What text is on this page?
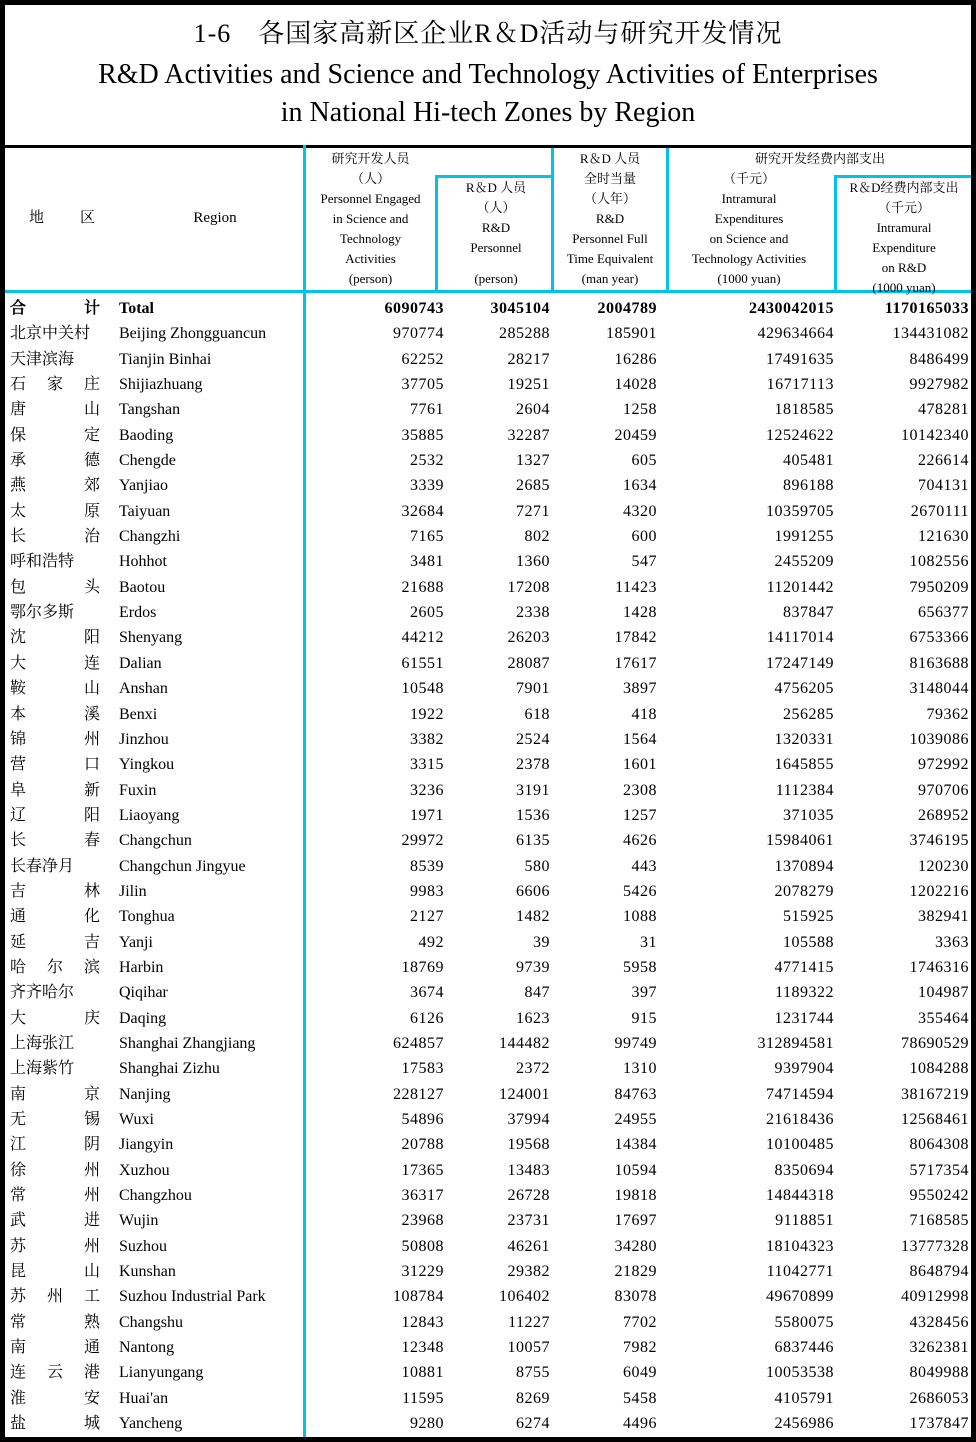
1-6　各国家高新区企业R＆D活动与研究开发情况
R&D Activities and Science and Technology Activities of Enterprises
in National Hi-tech Zones by Region
地区	Region
研究开发人员
（人）
Personnel Engaged
in Science and
Technology
Activities
(person)
R＆D 人员
（人）
R&D
Personnel
(person)
R＆D 人员
全时当量
（人年）
R&D
Personnel Full
Time Equivalent
(man year)
研究开发经费内部支出
（千元）
Intramural
Expenditures
on Science and
Technology Activities
(1000 yuan)
R＆D经费内部支出
（千元）
Intramural
Expenditure
on R&D
(1000 yuan)
合 计	Total	6090743	3045104	2004789	2430042015	1170165033
北京中关村	Beijing Zhongguancun	970774	285288	185901	429634664	134431082
天津滨海	Tianjin Binhai	62252	28217	16286	17491635	8486499
石 家 庄	Shijiazhuang	37705	19251	14028	16717113	9927982
唐 山	Tangshan	7761	2604	1258	1818585	478281
保 定	Baoding	35885	32287	20459	12524622	10142340
承 德	Chengde	2532	1327	605	405481	226614
燕 郊	Yanjiao	3339	2685	1634	896188	704131
太 原	Taiyuan	32684	7271	4320	10359705	2670111
长 治	Changzhi	7165	802	600	1991255	121630
呼和浩特	Hohhot	3481	1360	547	2455209	1082556
包 头	Baotou	21688	17208	11423	11201442	7950209
鄂尔多斯	Erdos	2605	2338	1428	837847	656377
沈 阳	Shenyang	44212	26203	17842	14117014	6753366
大 连	Dalian	61551	28087	17617	17247149	8163688
鞍 山	Anshan	10548	7901	3897	4756205	3148044
本 溪	Benxi	1922	618	418	256285	79362
锦 州	Jinzhou	3382	2524	1564	1320331	1039086
营 口	Yingkou	3315	2378	1601	1645855	972992
阜 新	Fuxin	3236	3191	2308	1112384	970706
辽 阳	Liaoyang	1971	1536	1257	371035	268952
长 春	Changchun	29972	6135	4626	15984061	3746195
长春净月	Changchun Jingyue	8539	580	443	1370894	120230
吉 林	Jilin	9983	6606	5426	2078279	1202216
通 化	Tonghua	2127	1482	1088	515925	382941
延 吉	Yanji	492	39	31	105588	3363
哈 尔 滨	Harbin	18769	9739	5958	4771415	1746316
齐齐哈尔	Qiqihar	3674	847	397	1189322	104987
大 庆	Daqing	6126	1623	915	1231744	355464
上海张江	Shanghai Zhangjiang	624857	144482	99749	312894581	78690529
上海紫竹	Shanghai Zizhu	17583	2372	1310	9397904	1084288
南 京	Nanjing	228127	124001	84763	74714594	38167219
无 锡	Wuxi	54896	37994	24955	21618436	12568461
江 阴	Jiangyin	20788	19568	14384	10100485	8064308
徐 州	Xuzhou	17365	13483	10594	8350694	5717354
常 州	Changzhou	36317	26728	19818	14844318	9550242
武 进	Wujin	23968	23731	17697	9118851	7168585
苏 州	Suzhou	50808	46261	34280	18104323	13777328
昆 山	Kunshan	31229	29382	21829	11042771	8648794
苏 州 工	Suzhou Industrial Park	108784	106402	83078	49670899	40912998
常 熟	Changshu	12843	11227	7702	5580075	4328456
南 通	Nantong	12348	10057	7982	6837446	3262381
连 云 港	Lianyungang	10881	8755	6049	10053538	8049988
淮 安	Huai'an	11595	8269	5458	4105791	2686053
盐 城	Yancheng	9280	6274	4496	2456986	1737847
